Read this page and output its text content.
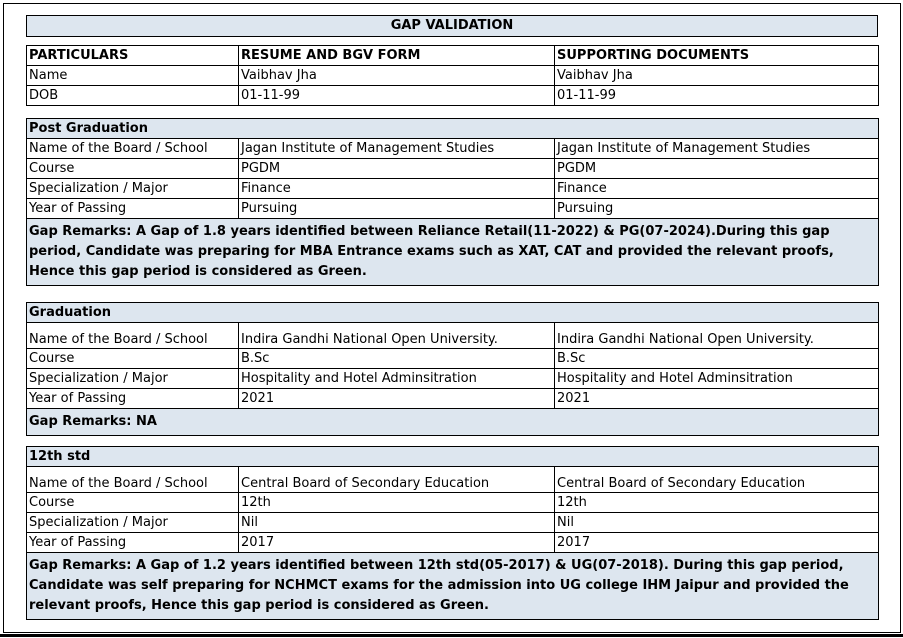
GAP VALIDATION
PARTICULARS	RESUME AND BGV FORM	SUPPORTING DOCUMENTS
Name	Vaibhav Jha	Vaibhav Jha
DOB	01-11-99	01-11-99
Post Graduation		
Name of the Board / School	Jagan Institute of Management Studies	Jagan Institute of Management Studies
Course	PGDM	PGDM
Specialization / Major	Finance	Finance
Year of Passing	Pursuing	Pursuing
Gap Remarks: A Gap of 1.8 years identified between Reliance Retail(11-2022) & PG(07-2024).During this gap period, Candidate was preparing for MBA Entrance exams such as XAT, CAT and provided the relevant proofs, Hence this gap period is considered as Green.		
Graduation		
Name of the Board / School	Indira Gandhi National Open University.	Indira Gandhi National Open University.
Course	B.Sc	B.Sc
Specialization / Major	Hospitality and Hotel Adminsitration	Hospitality and Hotel Adminsitration
Year of Passing	2021	2021
Gap Remarks: NA		
12th std		
Name of the Board / School	Central Board of Secondary Education	Central Board of Secondary Education
Course	12th	12th
Specialization / Major	Nil	Nil
Year of Passing	2017	2017
Gap Remarks: A Gap of 1.2 years identified between 12th std(05-2017) & UG(07-2018). During this gap period, Candidate was self preparing for NCHMCT exams for the admission into UG college IHM Jaipur and provided the relevant proofs, Hence this gap period is considered as Green.		
